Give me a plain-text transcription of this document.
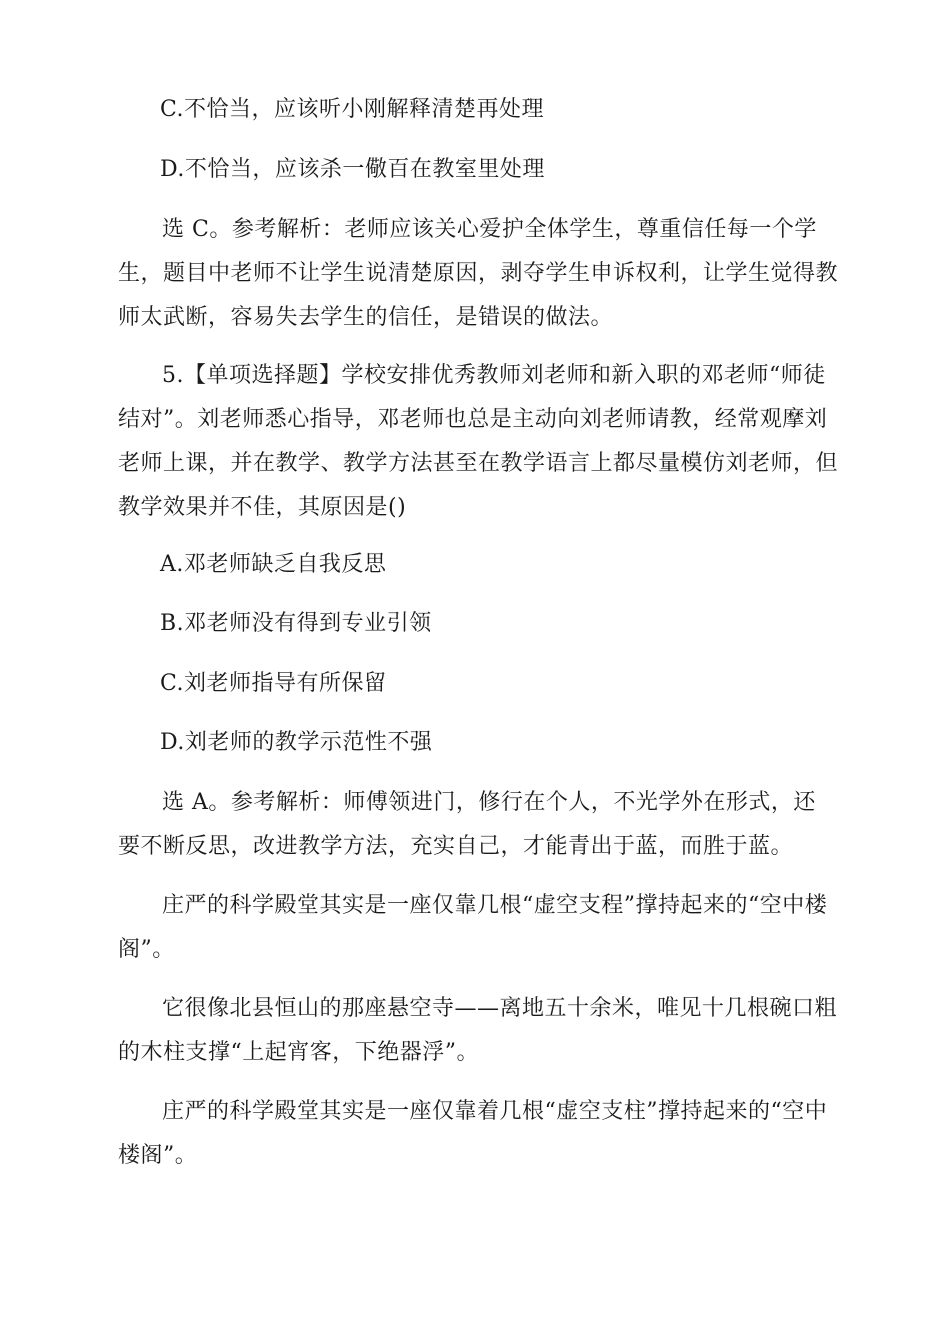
C.不恰当，应该听小刚解释清楚再处理

D.不恰当，应该杀一儆百在教室里处理

选 C。参考解析：老师应该关心爱护全体学生，尊重信任每一个学生，题目中老师不让学生说清楚原因，剥夺学生申诉权利，让学生觉得教师太武断，容易失去学生的信任，是错误的做法。

5.【单项选择题】学校安排优秀教师刘老师和新入职的邓老师“师徒结对”。刘老师悉心指导，邓老师也总是主动向刘老师请教，经常观摩刘老师上课，并在教学、教学方法甚至在教学语言上都尽量模仿刘老师，但教学效果并不佳，其原因是()

A.邓老师缺乏自我反思

B.邓老师没有得到专业引领

C.刘老师指导有所保留

D.刘老师的教学示范性不强

选 A。参考解析：师傅领进门，修行在个人，不光学外在形式，还要不断反思，改进教学方法，充实自己，才能青出于蓝，而胜于蓝。

庄严的科学殿堂其实是一座仅靠几根“虚空支程”撑持起来的“空中楼阁”。

它很像北县恒山的那座悬空寺——离地五十余米，唯见十几根碗口粗的木柱支撑“上起宵客，下绝器浮”。

庄严的科学殿堂其实是一座仅靠着几根“虚空支柱”撑持起来的“空中楼阁”。
